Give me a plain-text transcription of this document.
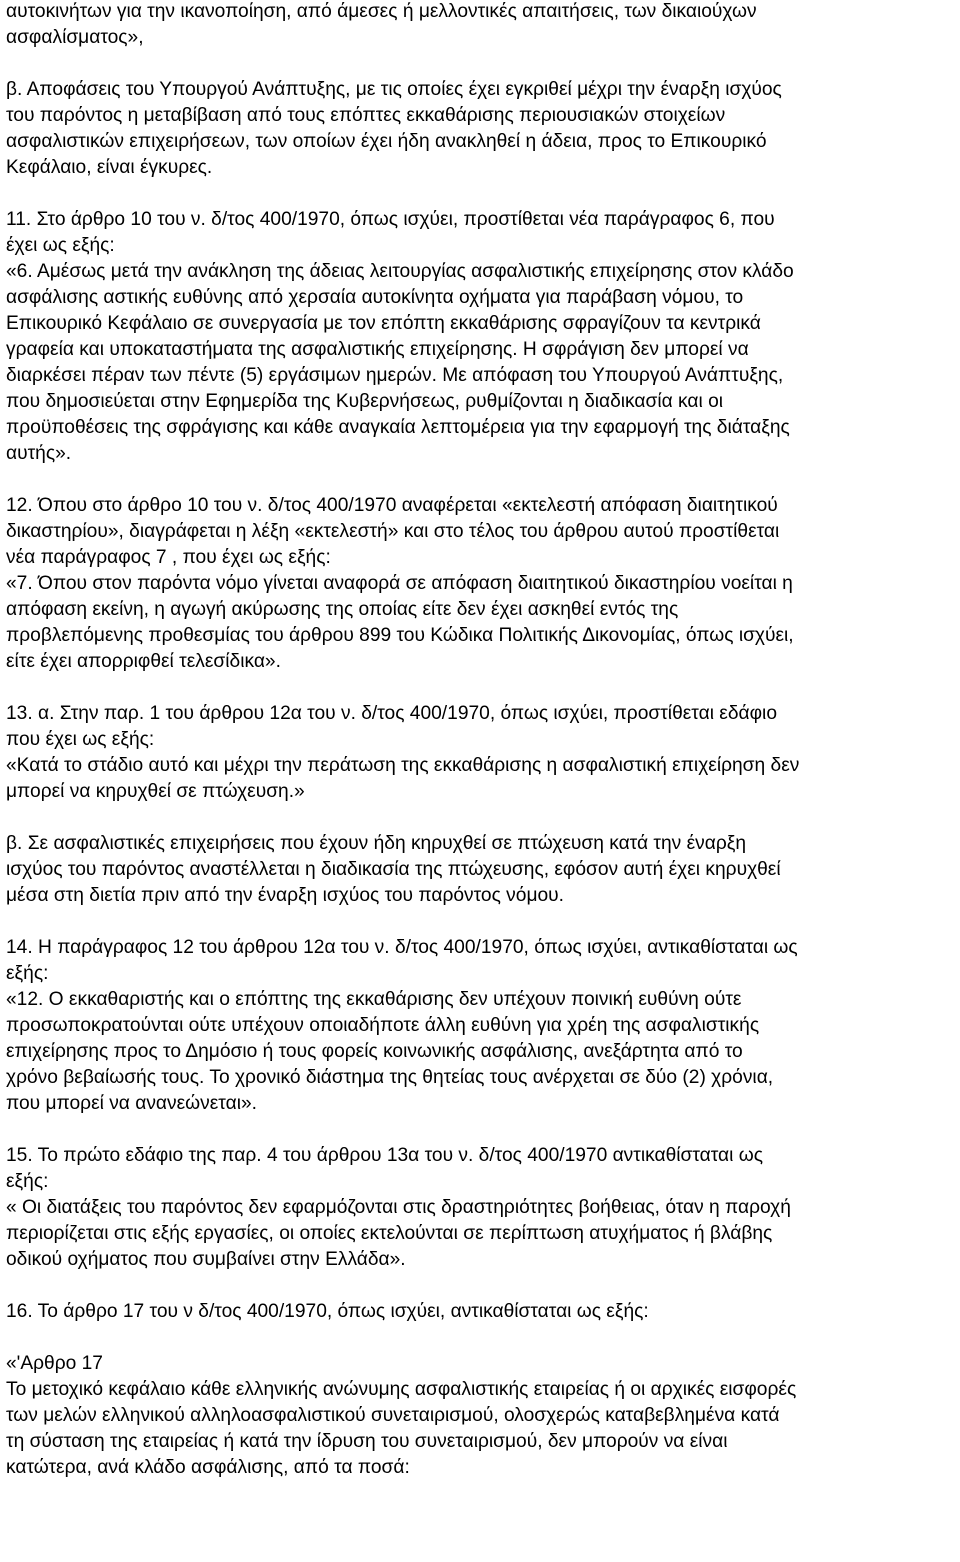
αυτοκινήτων για την ικανοποίηση, από άμεσες ή μελλοντικές απαιτήσεις, των δικαιούχων
ασφαλίσματος»,
β. Αποφάσεις του Υπουργού Ανάπτυξης, με τις οποίες έχει εγκριθεί μέχρι την έναρξη ισχύος
του παρόντος η μεταβίβαση από τους επόπτες εκκαθάρισης περιουσιακών στοιχείων
ασφαλιστικών επιχειρήσεων, των οποίων έχει ήδη ανακληθεί η άδεια, προς το Επικουρικό
Κεφάλαιο, είναι έγκυρες.
11. Στο άρθρο 10 του ν. δ/τος 400/1970, όπως ισχύει, προστίθεται νέα παράγραφος 6, που
έχει ως εξής:
«6. Αμέσως μετά την ανάκληση της άδειας λειτουργίας ασφαλιστικής επιχείρησης στον κλάδο
ασφάλισης αστικής ευθύνης από χερσαία αυτοκίνητα οχήματα για παράβαση νόμου, το
Επικουρικό Κεφάλαιο σε συνεργασία με τον επόπτη εκκαθάρισης σφραγίζουν τα κεντρικά
γραφεία και υποκαταστήματα της ασφαλιστικής επιχείρησης. Η σφράγιση δεν μπορεί να
διαρκέσει πέραν των πέντε (5) εργάσιμων ημερών. Με απόφαση του Υπουργού Ανάπτυξης,
που δημοσιεύεται στην Εφημερίδα της Κυβερνήσεως, ρυθμίζονται η διαδικασία και οι
προϋποθέσεις της σφράγισης και κάθε αναγκαία λεπτομέρεια για την εφαρμογή της διάταξης
αυτής».
12. Όπου στο άρθρο 10 του ν. δ/τος 400/1970 αναφέρεται «εκτελεστή απόφαση διαιτητικού
δικαστηρίου», διαγράφεται η λέξη «εκτελεστή» και στο τέλος του άρθρου αυτού προστίθεται
νέα παράγραφος 7 , που έχει ως εξής:
«7. Όπου στον παρόντα νόμο γίνεται αναφορά σε απόφαση διαιτητικού δικαστηρίου νοείται η
απόφαση εκείνη, η αγωγή ακύρωσης της οποίας είτε δεν έχει ασκηθεί εντός της
προβλεπόμενης προθεσμίας του άρθρου 899 του Κώδικα Πολιτικής Δικονομίας, όπως ισχύει,
είτε έχει απορριφθεί τελεσίδικα».
13. α. Στην παρ. 1 του άρθρου 12α του ν. δ/τος 400/1970, όπως ισχύει, προστίθεται εδάφιο
που έχει ως εξής:
«Κατά το στάδιο αυτό και μέχρι την περάτωση της εκκαθάρισης η ασφαλιστική επιχείρηση δεν
μπορεί να κηρυχθεί σε πτώχευση.»
β. Σε ασφαλιστικές επιχειρήσεις που έχουν ήδη κηρυχθεί σε πτώχευση κατά την έναρξη
ισχύος του παρόντος αναστέλλεται η διαδικασία της πτώχευσης, εφόσον αυτή έχει κηρυχθεί
μέσα στη διετία πριν από την έναρξη ισχύος του παρόντος νόμου.
14. Η παράγραφος 12 του άρθρου 12α του ν. δ/τος 400/1970, όπως ισχύει, αντικαθίσταται ως
εξής:
«12. Ο εκκαθαριστής και ο επόπτης της εκκαθάρισης δεν υπέχουν ποινική ευθύνη ούτε
προσωποκρατούνται ούτε υπέχουν οποιαδήποτε άλλη ευθύνη για χρέη της ασφαλιστικής
επιχείρησης προς το Δημόσιο ή τους φορείς κοινωνικής ασφάλισης, ανεξάρτητα από το
χρόνο βεβαίωσής τους. Το χρονικό διάστημα της θητείας τους ανέρχεται σε δύο (2) χρόνια,
που μπορεί να ανανεώνεται».
15. Το πρώτο εδάφιο της παρ. 4 του άρθρου 13α του ν. δ/τος 400/1970 αντικαθίσταται ως
εξής:
« Οι διατάξεις του παρόντος δεν εφαρμόζονται στις δραστηριότητες βοήθειας, όταν η παροχή
περιορίζεται στις εξής εργασίες, οι οποίες εκτελούνται σε περίπτωση ατυχήματος ή βλάβης
οδικού οχήματος που συμβαίνει στην Ελλάδα».
16. Το άρθρο 17 του ν δ/τος 400/1970, όπως ισχύει, αντικαθίσταται ως εξής:
«'Αρθρο 17
Το μετοχικό κεφάλαιο κάθε ελληνικής ανώνυμης ασφαλιστικής εταιρείας ή οι αρχικές εισφορές
των μελών ελληνικού αλληλοασφαλιστικού συνεταιρισμού, ολοσχερώς καταβεβλημένα κατά
τη σύσταση της εταιρείας ή κατά την ίδρυση του συνεταιρισμού, δεν μπορούν να είναι
κατώτερα, ανά κλάδο ασφάλισης, από τα ποσά:
